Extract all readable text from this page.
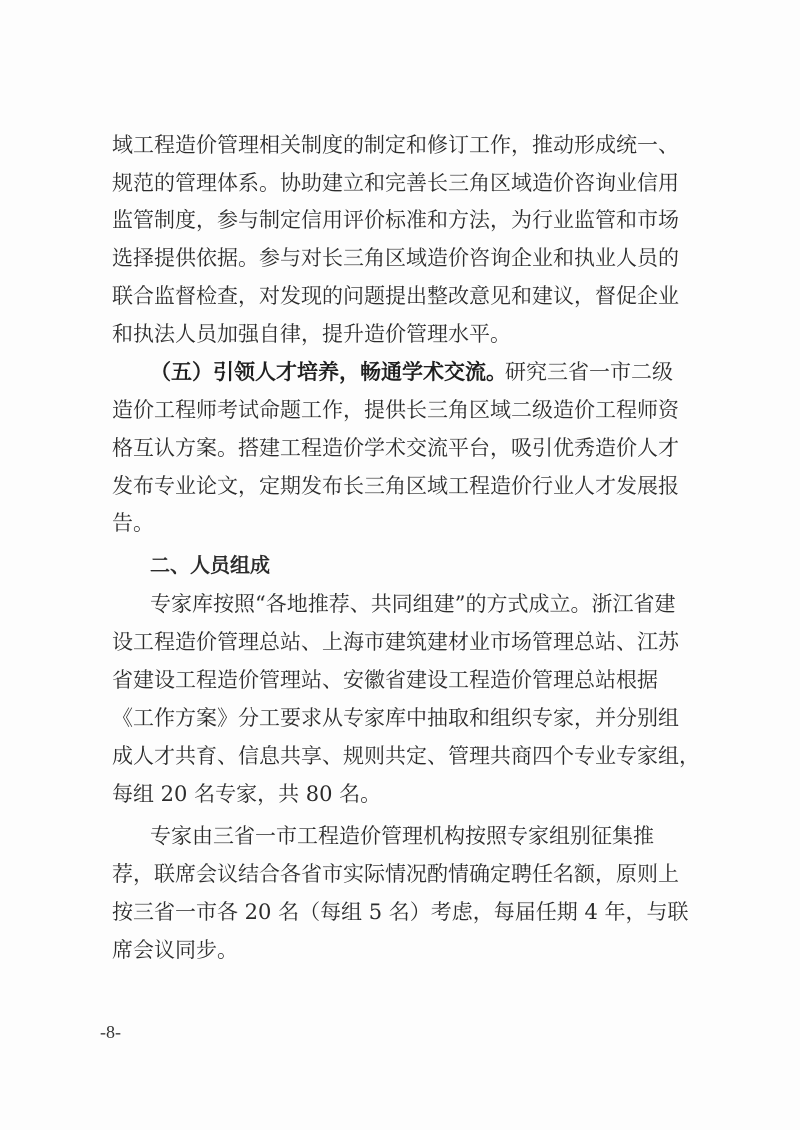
域工程造价管理相关制度的制定和修订工作，推动形成统一、
规范的管理体系。协助建立和完善长三角区域造价咨询业信用
监管制度，参与制定信用评价标准和方法，为行业监管和市场
选择提供依据。参与对长三角区域造价咨询企业和执业人员的
联合监督检查，对发现的问题提出整改意见和建议，督促企业
和执法人员加强自律，提升造价管理水平。
（五）引领人才培养，畅通学术交流。
研究三省一市二级
造价工程师考试命题工作，提供长三角区域二级造价工程师资
格互认方案。搭建工程造价学术交流平台，吸引优秀造价人才
发布专业论文，定期发布长三角区域工程造价行业人才发展报
告。
二、人员组成
专家库按照“各地推荐、共同组建”的方式成立。浙江省建
设工程造价管理总站、上海市建筑建材业市场管理总站、江苏
省建设工程造价管理站、安徽省建设工程造价管理总站根据
《工作方案》分工要求从专家库中抽取和组织专家，并分别组
成人才共育、信息共享、规则共定、管理共商四个专业专家组，
每组 20 名专家，共 80 名。
专家由三省一市工程造价管理机构按照专家组别征集推
荐，联席会议结合各省市实际情况酌情确定聘任名额，原则上
按三省一市各 20 名（每组 5 名）考虑，每届任期 4 年，与联
席会议同步。
-8-
